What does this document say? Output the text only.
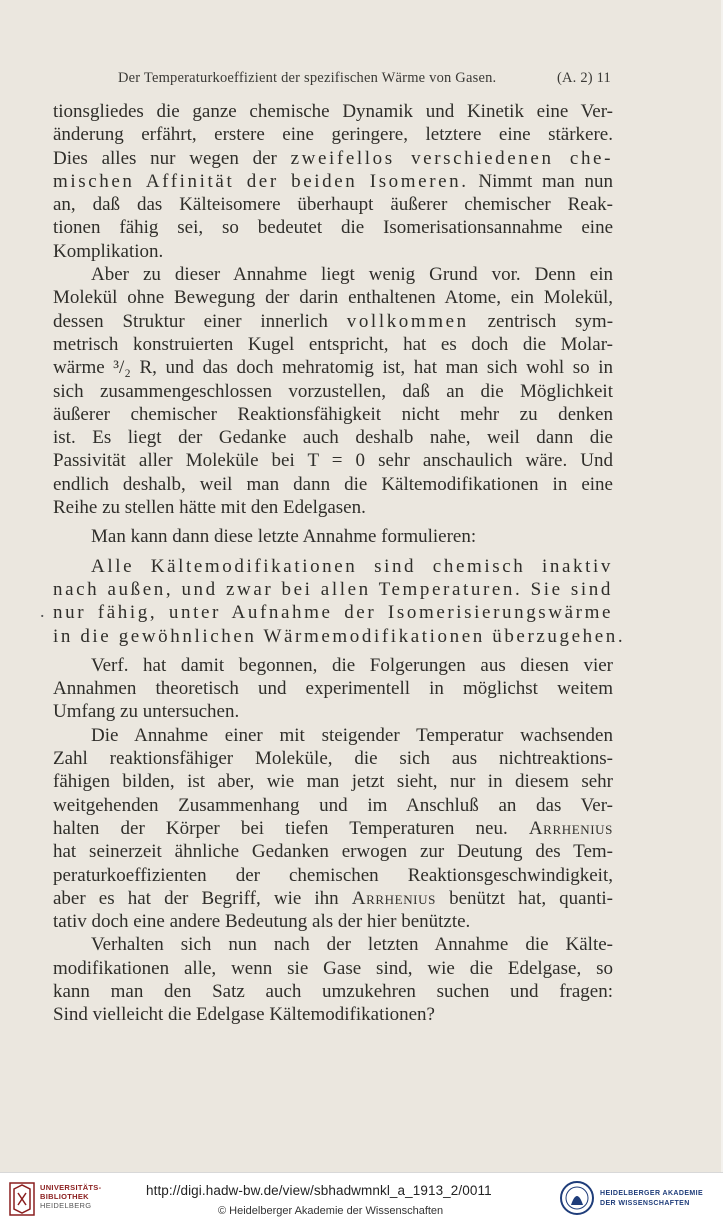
Der Temperaturkoeffizient der spezifischen Wärme von Gasen.	(A. 2) 11
.
tionsgliedes die ganze chemische Dynamik und Kinetik eine Ver-
änderung erfährt, erstere eine geringere, letztere eine stärkere.
Dies alles nur wegen der zweifellos verschiedenen che-
mischen Affinität der beiden Isomeren. Nimmt man nun
an, daß das Kälteisomere überhaupt äußerer chemischer Reak-
tionen fähig sei, so bedeutet die Isomerisationsannahme eine
Komplikation.
Aber zu dieser Annahme liegt wenig Grund vor. Denn ein
Molekül ohne Bewegung der darin enthaltenen Atome, ein Molekül,
dessen Struktur einer innerlich vollkommen zentrisch sym-
metrisch konstruierten Kugel entspricht, hat es doch die Molar-
wärme ³/₂ R, und das doch mehratomig ist, hat man sich wohl so in
sich zusammengeschlossen vorzustellen, daß an die Möglichkeit
äußerer chemischer Reaktionsfähigkeit nicht mehr zu denken
ist. Es liegt der Gedanke auch deshalb nahe, weil dann die
Passivität aller Moleküle bei T = 0 sehr anschaulich wäre. Und
endlich deshalb, weil man dann die Kältemodifikationen in eine
Reihe zu stellen hätte mit den Edelgasen.
Man kann dann diese letzte Annahme formulieren:
Alle Kältemodifikationen sind chemisch inaktiv
nach außen, und zwar bei allen Temperaturen. Sie sind
nur fähig, unter Aufnahme der Isomerisierungswärme
in die gewöhnlichen Wärmemodifikationen überzugehen.
Verf. hat damit begonnen, die Folgerungen aus diesen vier
Annahmen theoretisch und experimentell in möglichst weitem
Umfang zu untersuchen.
Die Annahme einer mit steigender Temperatur wachsenden
Zahl reaktionsfähiger Moleküle, die sich aus nichtreaktions-
fähigen bilden, ist aber, wie man jetzt sieht, nur in diesem sehr
weitgehenden Zusammenhang und im Anschluß an das Ver-
halten der Körper bei tiefen Temperaturen neu. Arrhenius
hat seinerzeit ähnliche Gedanken erwogen zur Deutung des Tem-
peraturkoeffizienten der chemischen Reaktionsgeschwindigkeit,
aber es hat der Begriff, wie ihn Arrhenius benützt hat, quanti-
tativ doch eine andere Bedeutung als der hier benützte.
Verhalten sich nun nach der letzten Annahme die Kälte-
modifikationen alle, wenn sie Gase sind, wie die Edelgase, so
kann man den Satz auch umzukehren suchen und fragen:
Sind vielleicht die Edelgase Kältemodifikationen?
UNIVERSITÄTS-
BIBLIOTHEK
HEIDELBERG
http://digi.hadw-bw.de/view/sbhadwmnkl_a_1913_2/0011
© Heidelberger Akademie der Wissenschaften
HEIDELBERGER AKADEMIE
DER WISSENSCHAFTEN
